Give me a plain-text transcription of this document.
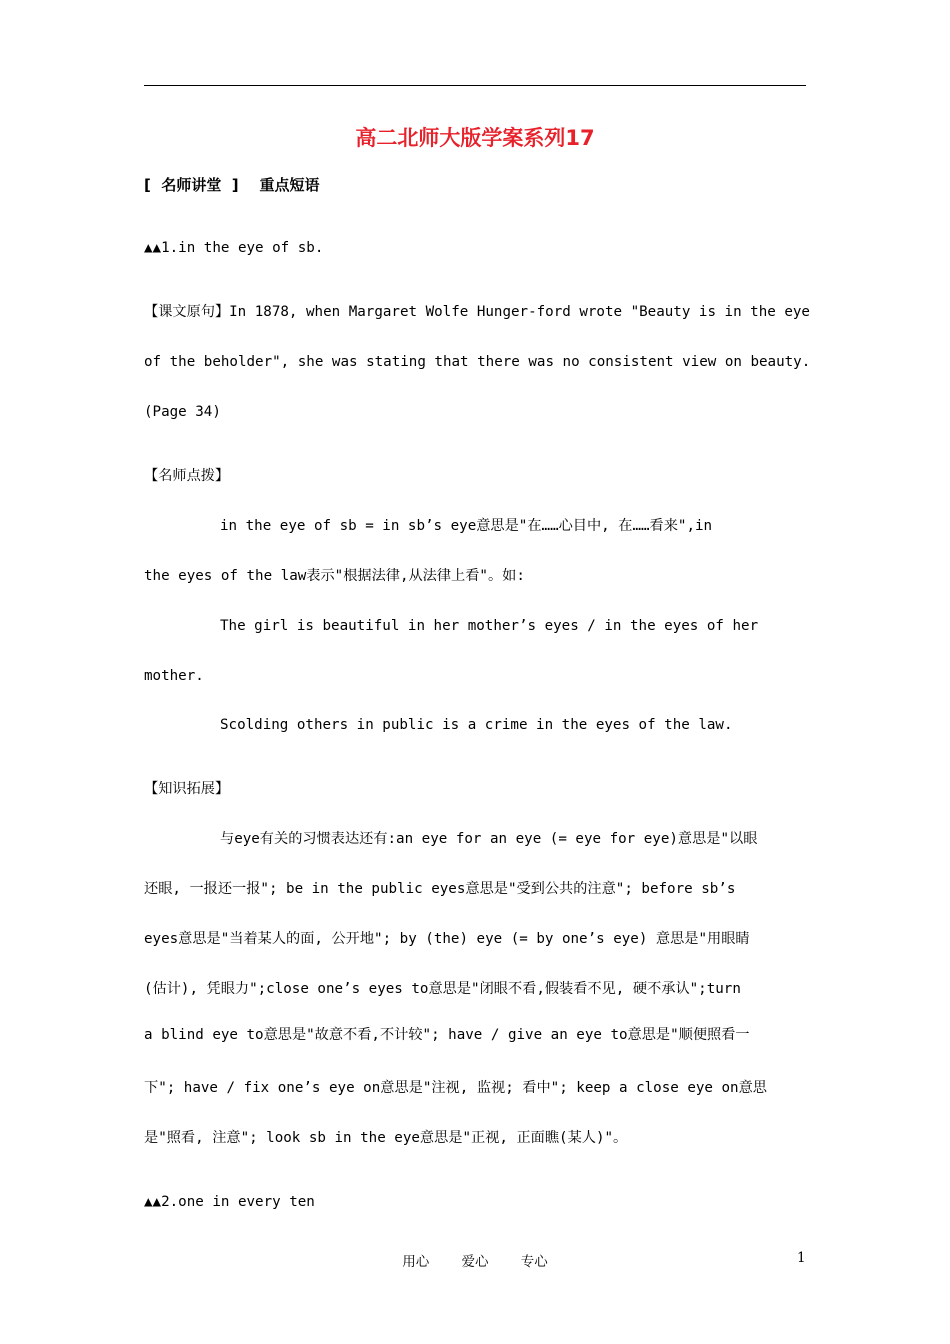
高二北师大版学案系列17
[ 名师讲堂 ] 重点短语
▲▲1.in the eye of sb.
【课文原句】In 1878, when Margaret Wolfe Hunger-ford wrote "Beauty is in the eye
of the beholder", she was stating that there was no consistent view on beauty.
(Page 34)
【名师点拨】
in the eye of sb = in sb’s eye意思是"在……心目中, 在……看来",in
the eyes of the law表示"根据法律,从法律上看"。如:
The girl is beautiful in her mother’s eyes / in the eyes of her
mother.
Scolding others in public is a crime in the eyes of the law.
【知识拓展】
与eye有关的习惯表达还有:an eye for an eye (= eye for eye)意思是"以眼
还眼, 一报还一报"; be in the public eyes意思是"受到公共的注意"; before sb’s
eyes意思是"当着某人的面, 公开地"; by (the) eye (= by one’s eye) 意思是"用眼睛
(估计), 凭眼力";close one’s eyes to意思是"闭眼不看,假装看不见, 硬不承认";turn
a blind eye to意思是"故意不看,不计较"; have / give an eye to意思是"顺便照看一
下"; have / fix one’s eye on意思是"注视, 监视; 看中"; keep a close eye on意思
是"照看, 注意"; look sb in the eye意思是"正视, 正面瞧(某人)"。
▲▲2.one in every ten
用心 爱心 专心	1
